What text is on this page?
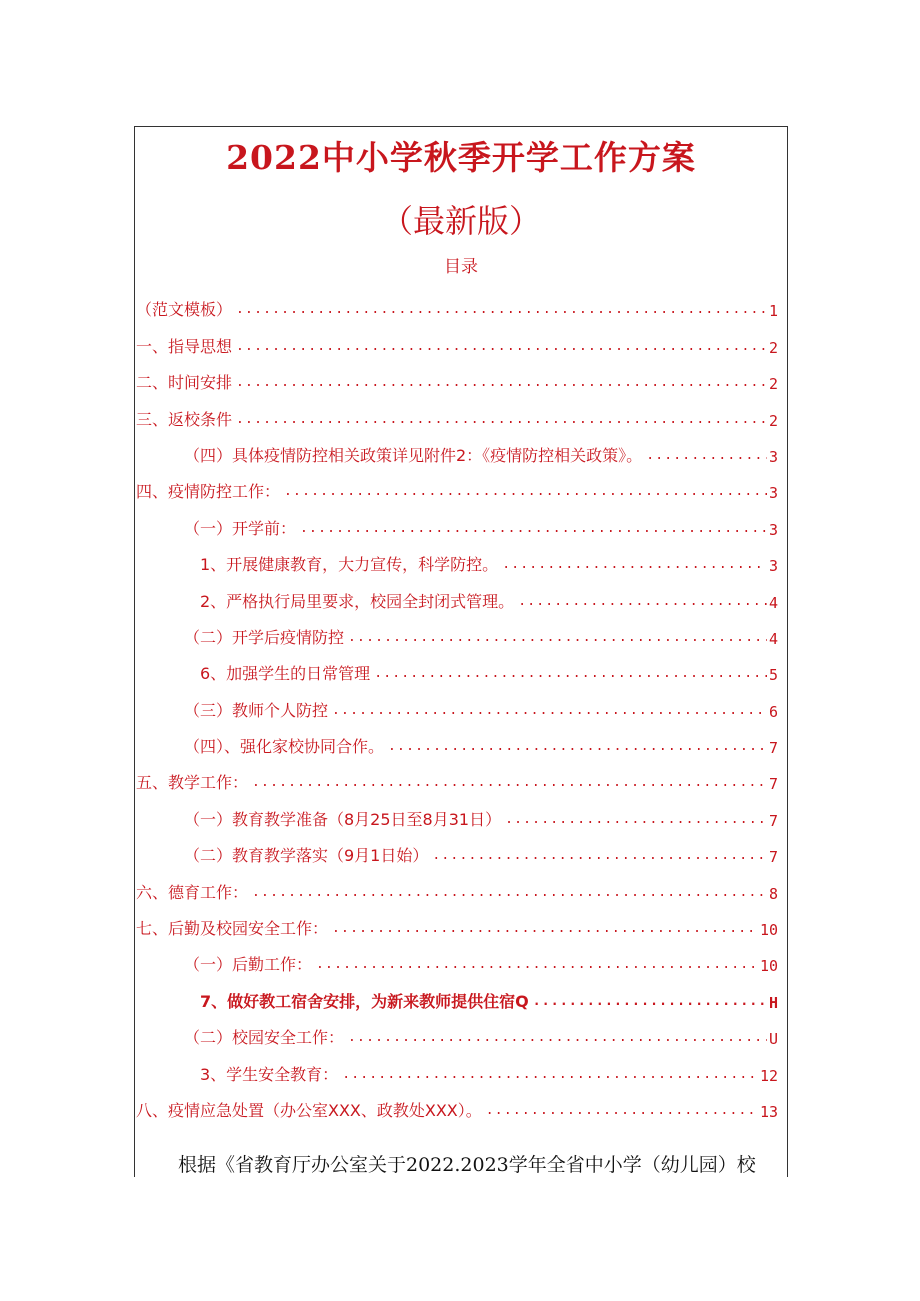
2022中小学秋季开学工作方案
（最新版）
目录
（范文模板） .....	1
一、指导思想 .....	2
二、时间安排 .....	2
三、返校条件 .....	2
（四）具体疫情防控相关政策详见附件2：《疫情防控相关政策》。 .....	3
四、疫情防控工作： .....	3
（一）开学前： .....	3
1、开展健康教育，大力宣传，科学防控。 .....	3
2、严格执行局里要求，校园全封闭式管理。 .....	4
（二）开学后疫情防控 .....	4
6、加强学生的日常管理 .....	5
（三）教师个人防控 .....	6
（四）、强化家校协同合作。 .....	7
五、教学工作： .....	7
（一）教育教学准备（8月25日至8月31日） .....	7
（二）教育教学落实（9月1日始） .....	7
六、德育工作： .....	8
七、后勤及校园安全工作： .....	10
（一）后勤工作： .....	10
7、做好教工宿舍安排，为新来教师提供住宿Q .....	H
（二）校园安全工作： .....	U
3、学生安全教育： .....	12
八、疫情应急处置（办公室XXX、政教处XXX）。 .....	13
根据《省教育厅办公室关于2022.2023学年全省中小学（幼儿园）校
